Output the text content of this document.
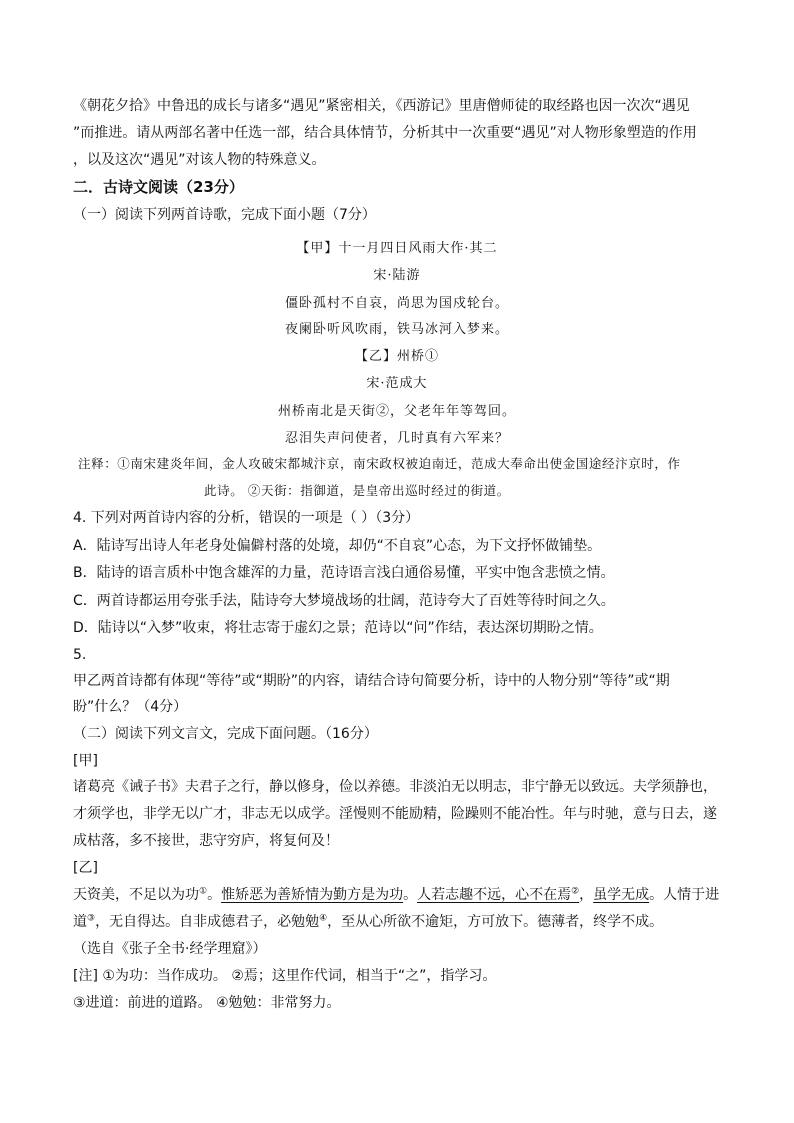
《朝花夕拾》中鲁迅的成长与诸多“遇见”紧密相关，《西游记》里唐僧师徒的取经路也因一次次“遇见
”而推进。请从两部名著中任选一部，结合具体情节，分析其中一次重要“遇见”对人物形象塑造的作用
，以及这次“遇见”对该人物的特殊意义。
二．古诗文阅读（23分）
（一）阅读下列两首诗歌，完成下面小题（7分）
【甲】十一月四日风雨大作·其二
宋·陆游
僵卧孤村不自哀，尚思为国戍轮台。
夜阑卧听风吹雨，铁马冰河入梦来。
【乙】州桥①
宋·范成大
州桥南北是天街②，父老年年等驾回。
忍泪失声问使者，几时真有六军来？
注释：①南宋建炎年间，金人攻破宋都城汴京，南宋政权被迫南迁，范成大奉命出使金国途经汴京时，作
此诗。 ②天街：指御道，是皇帝出巡时经过的街道。
4. 下列对两首诗内容的分析，错误的一项是（ ）（3分）
A．陆诗写出诗人年老身处偏僻村落的处境，却仍“不自哀”心态，为下文抒怀做铺垫。
B．陆诗的语言质朴中饱含雄浑的力量，范诗语言浅白通俗易懂，平实中饱含悲愤之情。
C．两首诗都运用夸张手法，陆诗夸大梦境战场的壮阔，范诗夸大了百姓等待时间之久。
D．陆诗以“入梦”收束，将壮志寄于虚幻之景；范诗以“问”作结，表达深切期盼之情。
5.
甲乙两首诗都有体现“等待”或“期盼”的内容，请结合诗句简要分析，诗中的人物分别“等待”或“期
盼”什么？（4分）
（二）阅读下列文言文，完成下面问题。（16分）
[甲]
诸葛亮《诫子书》夫君子之行，静以修身，俭以养德。非淡泊无以明志，非宁静无以致远。夫学须静也，
才须学也，非学无以广才，非志无以成学。淫慢则不能励精，险躁则不能冶性。年与时驰，意与日去，遂
成枯落，多不接世，悲守穷庐，将复何及！
[乙]
天资美，不足以为功①。惟矫恶为善矫情为勤方是为功。人若志趣不远，心不在焉②，虽学无成。人情于进
道③，无自得达。自非成德君子，必勉勉④，至从心所欲不逾矩，方可放下。德薄者，终学不成。
（选自《张子全书·经学理窟》）
[注] ①为功：当作成功。 ②焉；这里作代词，相当于“之”，指学习。
③进道：前进的道路。 ④勉勉：非常努力。
